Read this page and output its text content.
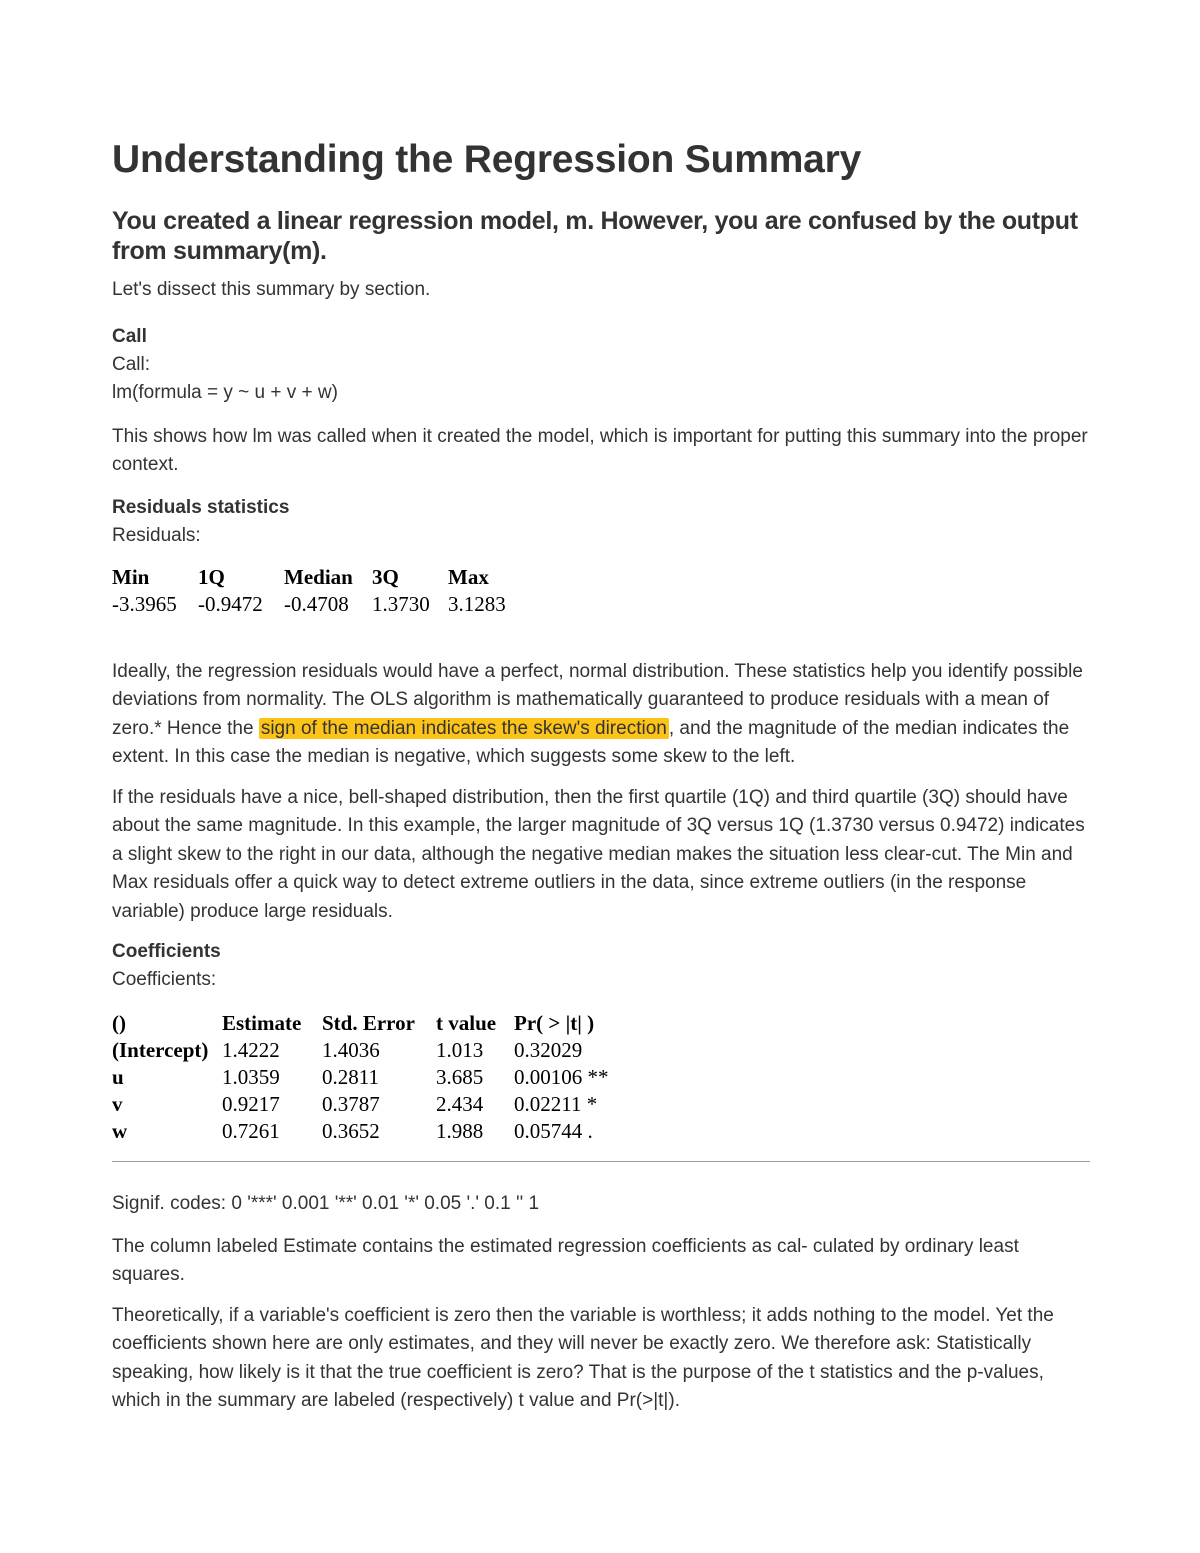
Understanding the Regression Summary
You created a linear regression model, m. However, you are confused by the output from summary(m).

Let's dissect this summary by section.

Call
Call:
lm(formula = y ~ u + v + w)

This shows how lm was called when it created the model, which is important for putting this summary into the proper context.

Residuals statistics
Residuals:
Min	1Q	Median	3Q	Max
-3.3965	-0.9472	-0.4708	1.3730	3.1283

Ideally, the regression residuals would have a perfect, normal distribution. These statistics help you identify possible deviations from normality. The OLS algorithm is mathematically guaranteed to produce residuals with a mean of zero.* Hence the sign of the median indicates the skew's direction , and the magnitude of the median indicates the extent. In this case the median is negative, which suggests some skew to the left.

If the residuals have a nice, bell-shaped distribution, then the first quartile (1Q) and third quartile (3Q) should have about the same magnitude. In this example, the larger magnitude of 3Q versus 1Q (1.3730 versus 0.9472) indicates a slight skew to the right in our data, although the negative median makes the situation less clear-cut. The Min and Max residuals offer a quick way to detect extreme outliers in the data, since extreme outliers (in the response variable) produce large residuals.

Coefficients
Coefficients:
()	Estimate	Std. Error	t value	Pr( > |t| )
(Intercept)	1.4222	1.4036	1.013	0.32029
u	1.0359	0.2811	3.685	0.00106 **
v	0.9217	0.3787	2.434	0.02211 *
w	0.7261	0.3652	1.988	0.05744 .

Signif. codes: 0 '***' 0.001 '**' 0.01 '*' 0.05 '.' 0.1 '' 1

The column labeled Estimate contains the estimated regression coefficients as cal- culated by ordinary least squares.

Theoretically, if a variable's coefficient is zero then the variable is worthless; it adds nothing to the model. Yet the coefficients shown here are only estimates, and they will never be exactly zero. We therefore ask: Statistically speaking, how likely is it that the true coefficient is zero? That is the purpose of the t statistics and the p-values, which in the summary are labeled (respectively) t value and Pr(>|t|).
